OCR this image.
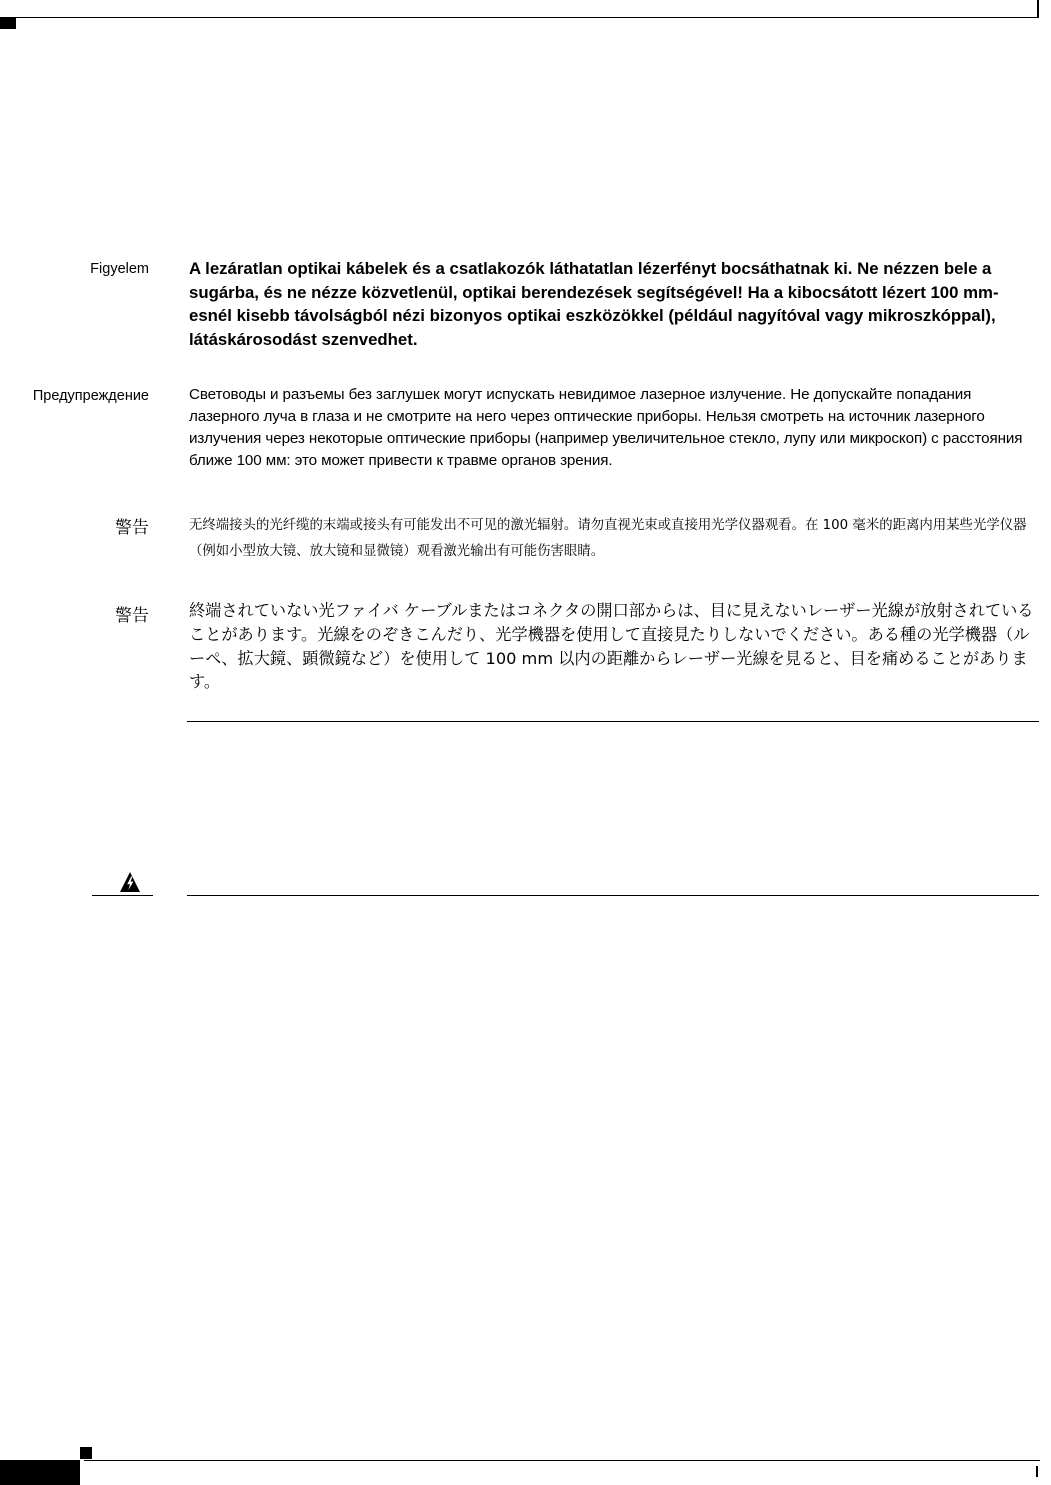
Figyelem A lezáratlan optikai kábelek és a csatlakozók láthatatlan lézerfényt bocsáthatnak ki. Ne nézzen bele a sugárba, és ne nézze közvetlenül, optikai berendezések segítségével! Ha a kibocsátott lézert 100 mm-esnél kisebb távolságból nézi bizonyos optikai eszközökkel (például nagyítóval vagy mikroszkóppal), látáskárosodást szenvedhet.

Предупреждение	Световоды и разъемы без заглушек могут испускать невидимое лазерное излучение. Не допускайте попадания лазерного луча в глаза и не смотрите на него через оптические приборы. Нельзя смотреть на источник лазерного излучения через некоторые оптические приборы (например увеличительное стекло, лупу или микроскоп) с расстояния ближе 100 мм: это может привести к травме органов зрения.

警告	无终端接头的光纤缆的末端或接头有可能发出不可见的激光辐射。请勿直视光束或直接用光学仪器观看。在 100 毫米的距离内用某些光学仪器（例如小型放大镜、放大镜和显微镜）观看激光输出有可能伤害眼睛。

警告 終端されていない光ファイバ ケーブルまたはコネクタの開口部からは、目に見えないレーザー光線が放射されていることがあります。光線をのぞきこんだり、光学機器を使用して直接見たりしないでください。ある種の光学機器（ルーペ、拡大鏡、顕微鏡など）を使用して 100 mm 以内の距離からレーザー光線を見ると、目を痛めることがあります。
